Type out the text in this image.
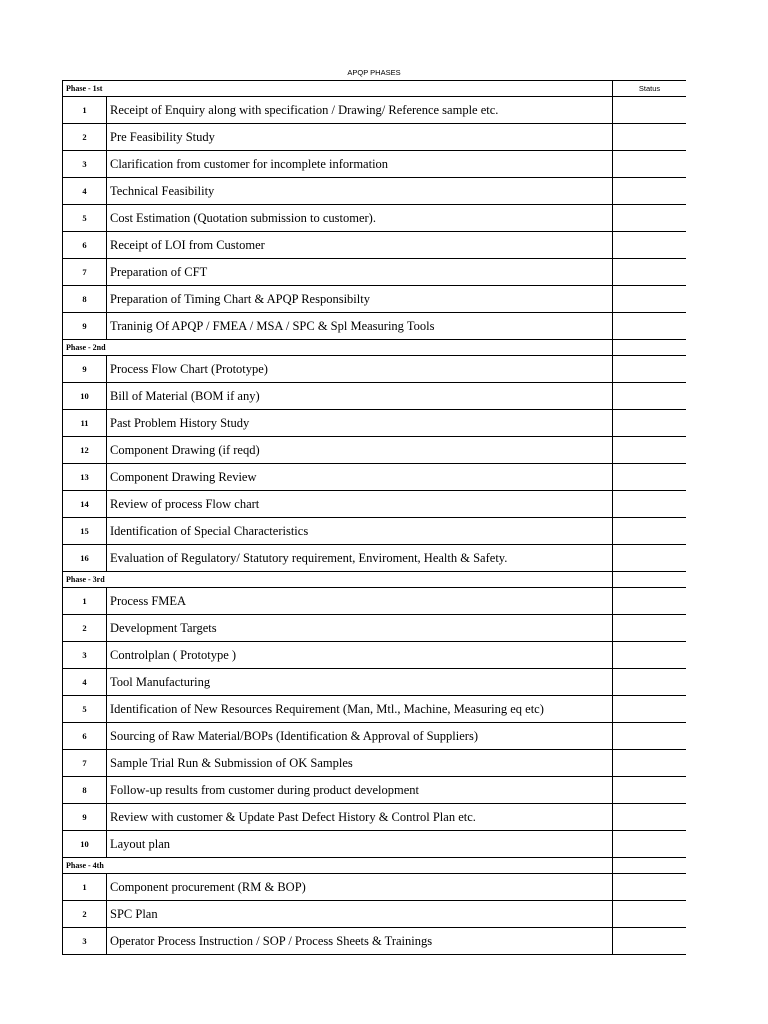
APQP PHASES
Phase - 1st		Status
1	Receipt of Enquiry along with specification / Drawing/ Reference sample etc.	
2	Pre Feasibility Study	
3	Clarification from customer for incomplete information	
4	Technical Feasibility	
5	Cost Estimation (Quotation submission to customer).	
6	Receipt of LOI from Customer	
7	Preparation of CFT	
8	Preparation of Timing Chart & APQP Responsibilty	
9	Traninig Of APQP / FMEA / MSA / SPC & Spl Measuring Tools	
Phase - 2nd		
9	Process Flow Chart (Prototype)	
10	Bill of Material (BOM if any)	
11	Past Problem History Study	
12	Component Drawing (if reqd)	
13	Component Drawing Review	
14	Review of process Flow chart	
15	Identification of Special Characteristics	
16	Evaluation of Regulatory/ Statutory requirement, Enviroment, Health & Safety.	
Phase - 3rd		
1	Process FMEA	
2	Development Targets	
3	Controlplan ( Prototype )	
4	Tool Manufacturing	
5	Identification of New Resources Requirement (Man, Mtl., Machine, Measuring eq etc)	
6	Sourcing of Raw Material/BOPs (Identification & Approval of Suppliers)	
7	Sample Trial Run & Submission of OK Samples	
8	Follow-up results from customer during product development	
9	Review with customer & Update Past Defect History & Control Plan etc.	
10	Layout plan	
Phase - 4th		
1	Component procurement (RM & BOP)	
2	SPC Plan	
3	Operator Process Instruction / SOP / Process Sheets & Trainings	
